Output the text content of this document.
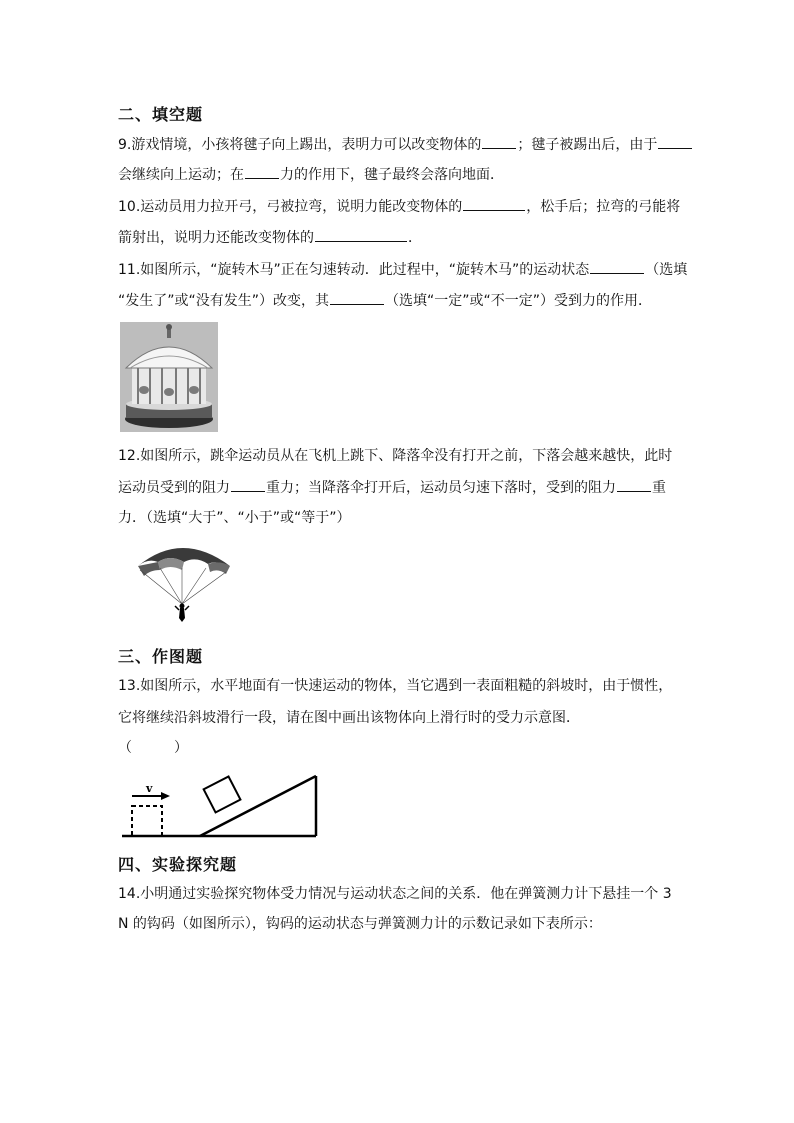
二、填空题
9.游戏情境，小孩将毽子向上踢出，表明力可以改变物体的	；毽子被踢出后，由于
会继续向上运动；在	力的作用下，毽子最终会落向地面．
10.运动员用力拉开弓，弓被拉弯，说明力能改变物体的	，松手后；拉弯的弓能将
箭射出，说明力还能改变物体的	．
11.如图所示，“旋转木马”正在匀速转动．此过程中，“旋转木马”的运动状态	（选填
“发生了”或“没有发生”）改变，其	（选填“一定”或“不一定”）受到力的作用．
12.如图所示，跳伞运动员从在飞机上跳下、降落伞没有打开之前，下落会越来越快，此时
运动员受到的阻力	重力；当降落伞打开后，运动员匀速下落时，受到的阻力	重
力．（选填“大于”、“小于”或“等于”）
三、作图题
13.如图所示，水平地面有一快速运动的物体，当它遇到一表面粗糙的斜坡时，由于惯性，
它将继续沿斜坡滑行一段，请在图中画出该物体向上滑行时的受力示意图．
（　　　）
v
四、实验探究题
14.小明通过实验探究物体受力情况与运动状态之间的关系．他在弹簧测力计下悬挂一个 3
N 的钩码（如图所示），钩码的运动状态与弹簧测力计的示数记录如下表所示：
